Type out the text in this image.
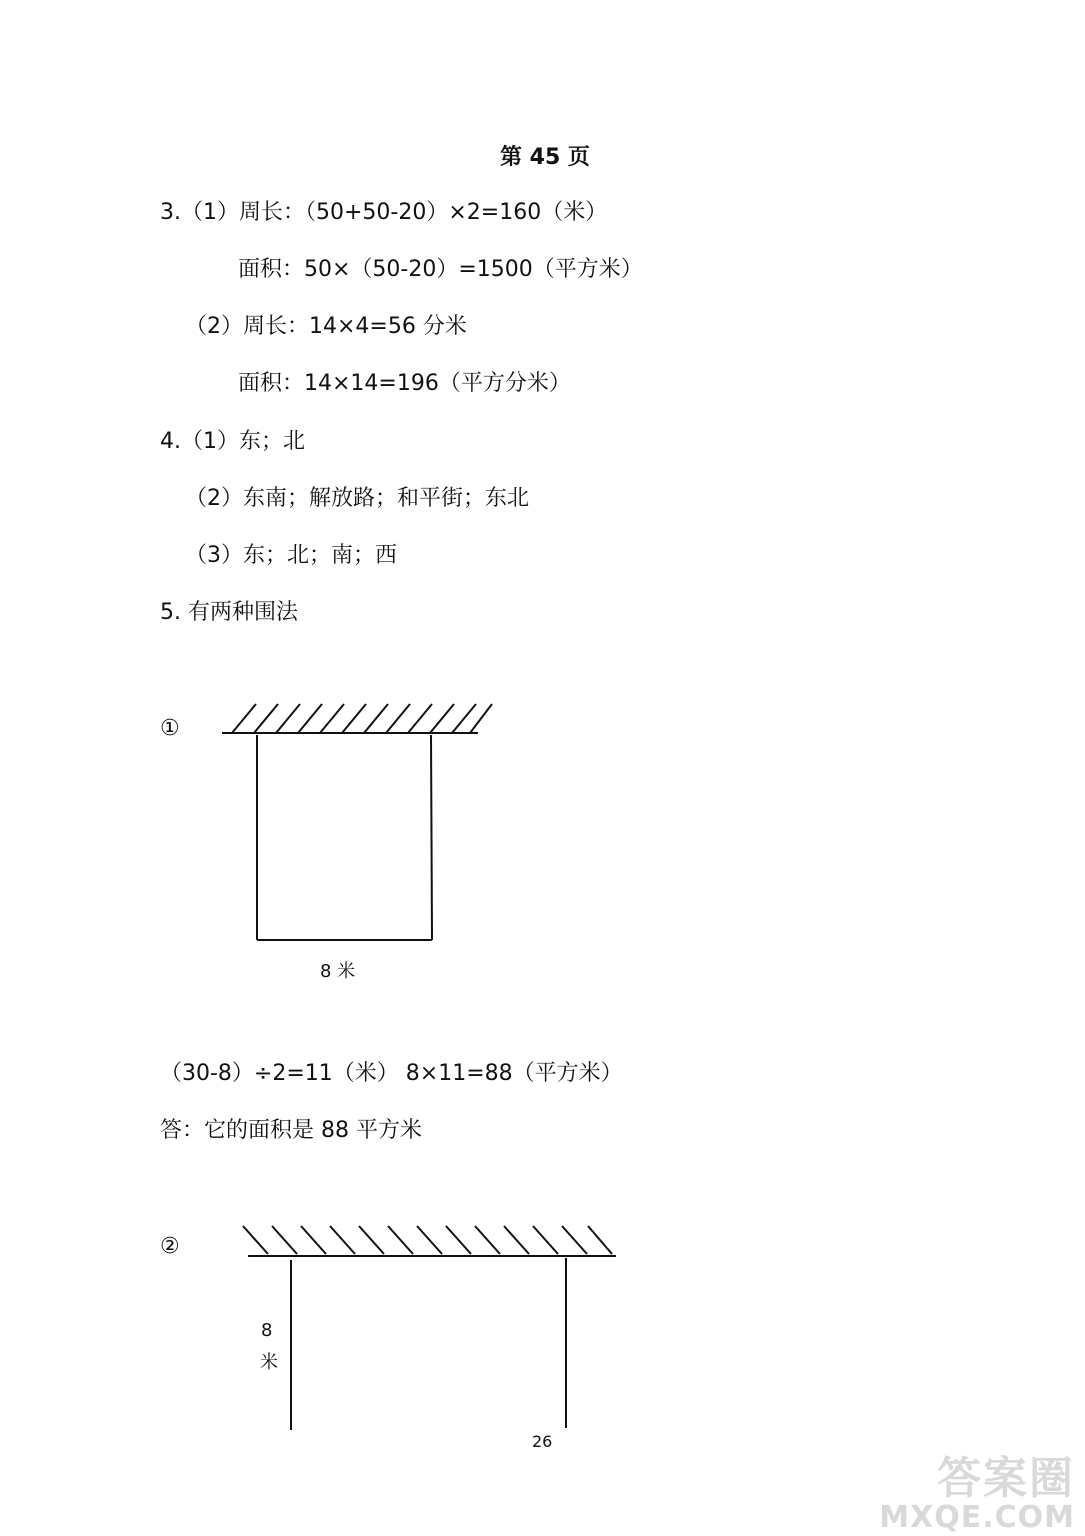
第 45 页
3.（1）周长：（50+50-20）×2=160（米）
面积：50×（50-20）=1500（平方米）
（2）周长：14×4=56 分米
面积：14×14=196（平方分米）
4.（1）东；北
（2）东南；解放路；和平街；东北
（3）东；北；南；西
5. 有两种围法
①
8 米
（30-8）÷2=11（米） 8×11=88（平方米）
答：它的面积是 88 平方米
②
8
米
26
答案圈
MXQE.COM
